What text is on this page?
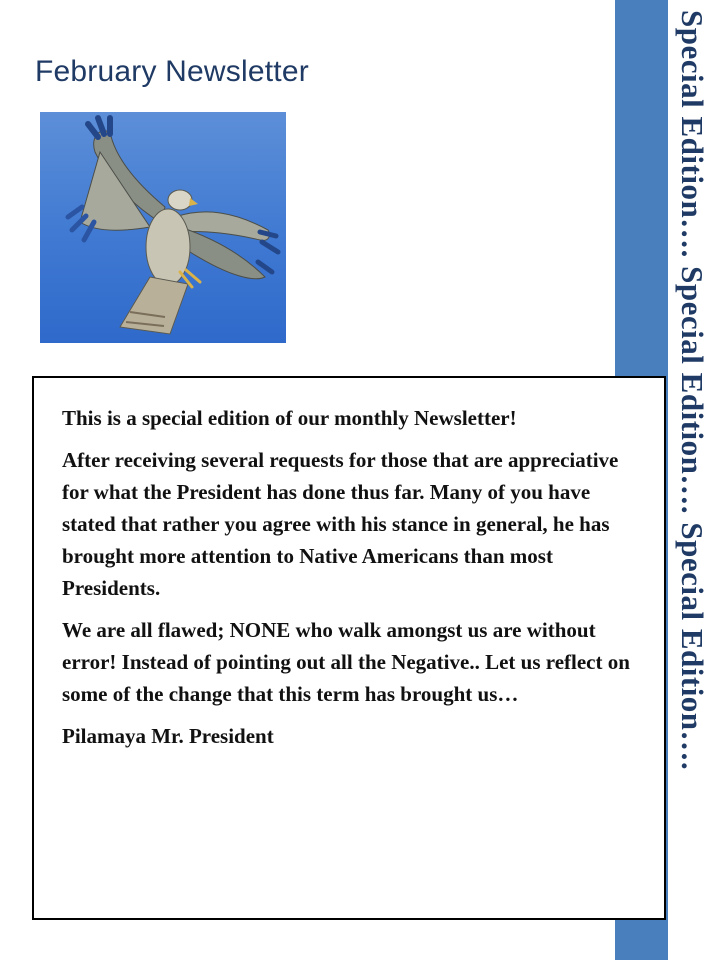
February Newsletter	Special Edition…. Special Edition…. Special Edition….

This is a special edition of our monthly Newsletter!

After receiving several requests for those that are appreciative for what the President has done thus far. Many of you have stated that rather you agree with his stance in general, he has brought more attention to Native Americans than most Presidents.

We are all flawed; NONE who walk amongst us are without error! Instead of pointing out all the Negative.. Let us reflect on some of the change that this term has brought us…

Pilamaya Mr. President
